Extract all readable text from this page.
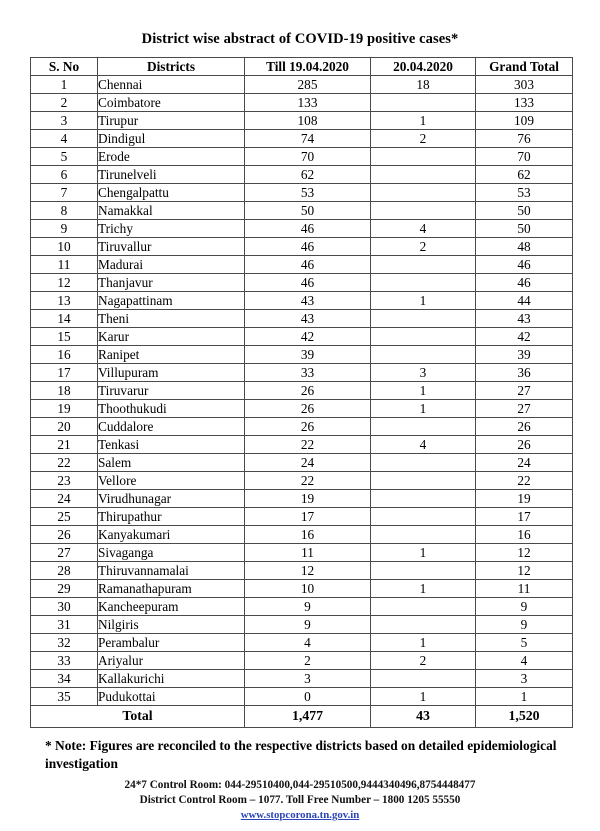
District wise abstract of COVID-19 positive cases*
S. No	Districts	Till 19.04.2020	20.04.2020	Grand Total
1	Chennai	285	18	303
2	Coimbatore	133		133
3	Tirupur	108	1	109
4	Dindigul	74	2	76
5	Erode	70		70
6	Tirunelveli	62		62
7	Chengalpattu	53		53
8	Namakkal	50		50
9	Trichy	46	4	50
10	Tiruvallur	46	2	48
11	Madurai	46		46
12	Thanjavur	46		46
13	Nagapattinam	43	1	44
14	Theni	43		43
15	Karur	42		42
16	Ranipet	39		39
17	Villupuram	33	3	36
18	Tiruvarur	26	1	27
19	Thoothukudi	26	1	27
20	Cuddalore	26		26
21	Tenkasi	22	4	26
22	Salem	24		24
23	Vellore	22		22
24	Virudhunagar	19		19
25	Thirupathur	17		17
26	Kanyakumari	16		16
27	Sivaganga	11	1	12
28	Thiruvannamalai	12		12
29	Ramanathapuram	10	1	11
30	Kancheepuram	9		9
31	Nilgiris	9		9
32	Perambalur	4	1	5
33	Ariyalur	2	2	4
34	Kallakurichi	3		3
35	Pudukottai	0	1	1
Total		1,477	43	1,520
* Note: Figures are reconciled to the respective districts based on detailed epidemiological investigation
24*7 Control Room: 044-29510400,044-29510500,9444340496,8754448477
District Control Room – 1077. Toll Free Number – 1800 1205 55550
www.stopcorona.tn.gov.in
